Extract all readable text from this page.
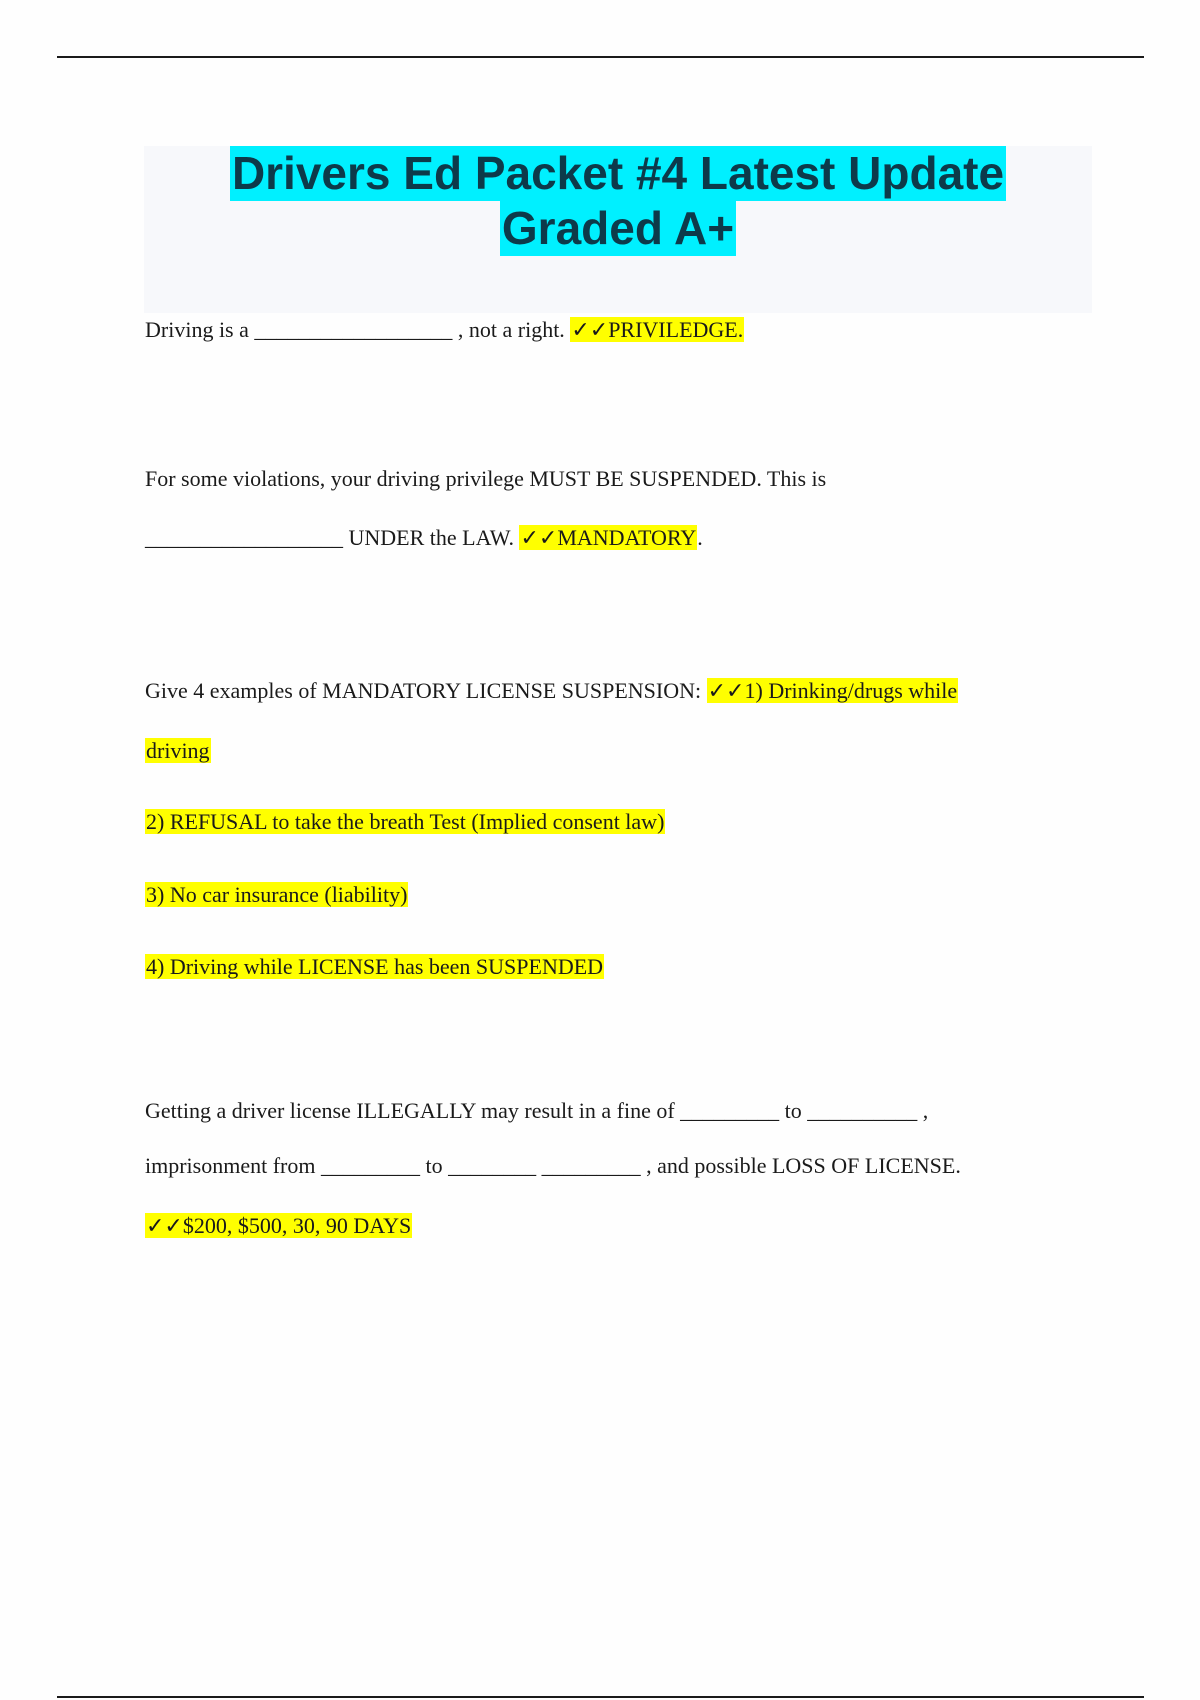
Drivers Ed Packet #4 Latest Update
Graded A+
Driving is a __________________ , not a right. ✓✓PRIVILEDGE.
For some violations, your driving privilege MUST BE SUSPENDED. This is
__________________ UNDER the LAW. ✓✓MANDATORY.
Give 4 examples of MANDATORY LICENSE SUSPENSION: ✓✓1) Drinking/drugs while
driving
2) REFUSAL to take the breath Test (Implied consent law)
3) No car insurance (liability)
4) Driving while LICENSE has been SUSPENDED
Getting a driver license ILLEGALLY may result in a fine of _________ to __________ ,
imprisonment from _________ to ________ _________ , and possible LOSS OF LICENSE.
✓✓$200, $500, 30, 90 DAYS
